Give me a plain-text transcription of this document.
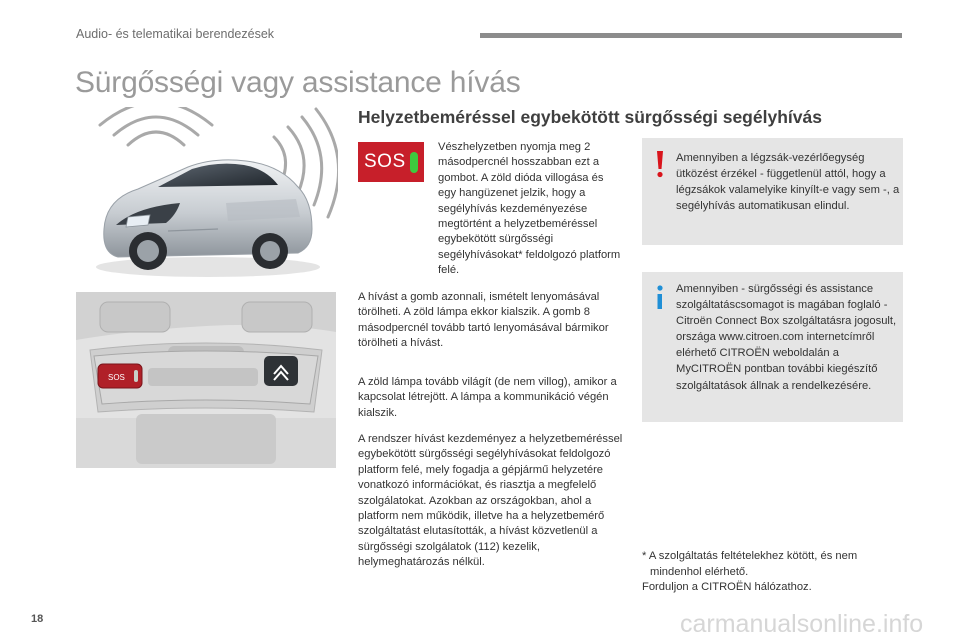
Audio- és telematikai berendezések
Sürgősségi vagy assistance hívás
SOS
Helyzetbeméréssel egybekötött sürgősségi segélyhívás
SOS

Vészhelyzetben nyomja meg 2 másodpercnél hosszabban ezt a gombot. A zöld dióda villogása és egy hangüzenet jelzik, hogy a segélyhívás kezdeményezése megtörtént a helyzetbeméréssel egybekötött sürgősségi segélyhívásokat* feldolgozó platform felé.

A hívást a gomb azonnali, ismételt lenyomásával törölheti. A zöld lámpa ekkor kialszik. A gomb 8 másodpercnél tovább tartó lenyomásával bármikor törölheti a hívást.

A zöld lámpa tovább világít (de nem villog), amikor a kapcsolat létrejött. A lámpa a kommunikáció végén kialszik.

A rendszer hívást kezdeményez a helyzetbeméréssel egybekötött sürgősségi segélyhívásokat feldolgozó platform felé, mely fogadja a gépjármű helyzetére vonatkozó információkat, és riasztja a megfelelő szolgálatokat. Azokban az országokban, ahol a platform nem működik, illetve ha a helyzetbemérő szolgáltatást elutasították, a hívást közvetlenül a sürgősségi szolgálatok (112) kezelik, helymeghatározás nélkül.

Amennyiben a légzsák-vezérlőegység ütközést érzékel - függetlenül attól, hogy a légzsákok valamelyike kinyílt-e vagy sem -, a segélyhívás automatikusan elindul.

Amennyiben - sürgősségi és assistance szolgáltatáscsomagot is magában foglaló - Citroën Connect Box szolgáltatásra jogosult, országa www.citroen.com internetcímről elérhető CITROËN weboldalán a MyCITROËN pontban további kiegészítő szolgáltatások állnak a rendelkezésére.

* A szolgáltatás feltételekhez kötött, és nem
mindenhol elérhető.
Forduljon a CITROËN hálózathoz.
18	carmanualsonline.info
